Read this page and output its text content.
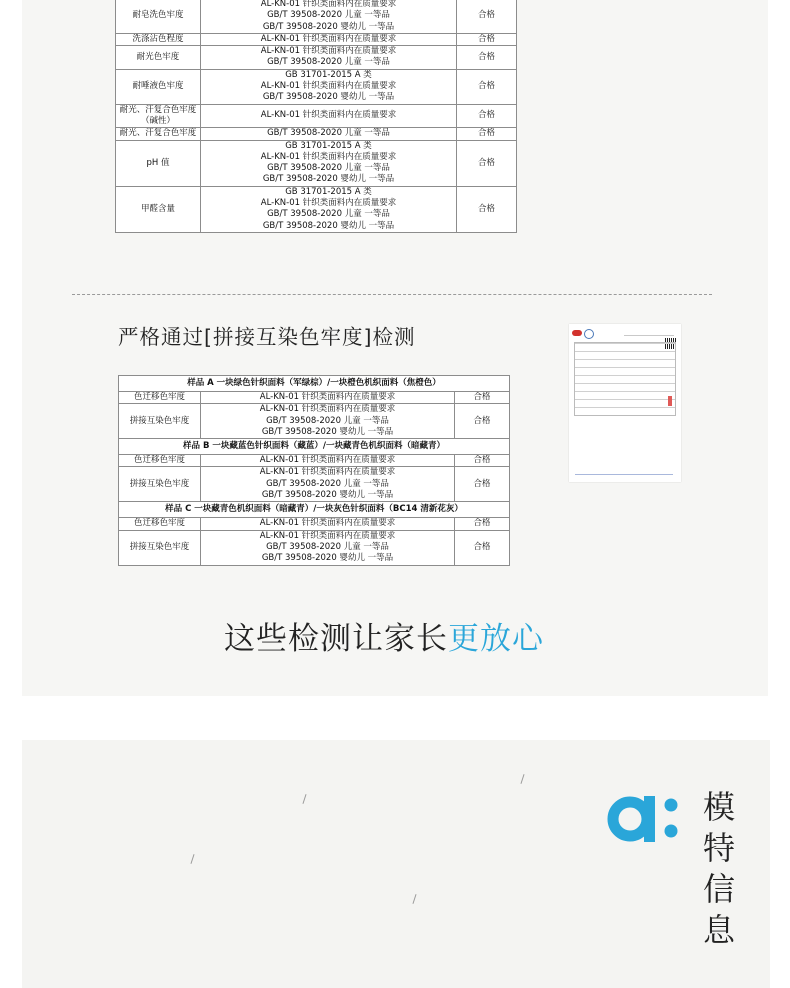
耐皂洗色牢度	AL-KN-01 针织类面料内在质量要求
GB/T 39508-2020 儿童 一等品
GB/T 39508-2020 婴幼儿 一等品	合格
洗涤沾色程度	AL-KN-01 针织类面料内在质量要求	合格
耐光色牢度	AL-KN-01 针织类面料内在质量要求
GB/T 39508-2020 儿童 一等品	合格
耐唾液色牢度	GB 31701-2015 A 类
AL-KN-01 针织类面料内在质量要求
GB/T 39508-2020 婴幼儿 一等品	合格
耐光、汗复合色牢度（碱性）	AL-KN-01 针织类面料内在质量要求	合格
耐光、汗复合色牢度	GB/T 39508-2020 儿童 一等品	合格
pH 值	GB 31701-2015 A 类
AL-KN-01 针织类面料内在质量要求
GB/T 39508-2020 儿童 一等品
GB/T 39508-2020 婴幼儿 一等品	合格
甲醛含量	GB 31701-2015 A 类
AL-KN-01 针织类面料内在质量要求
GB/T 39508-2020 儿童 一等品
GB/T 39508-2020 婴幼儿 一等品	合格
严格通过[拼接互染色牢度]检测
样品 A 一块绿色针织面料（军绿棕）/一块橙色机织面料（焦橙色）		
色迁移色牢度	AL-KN-01 针织类面料内在质量要求	合格
拼接互染色牢度	AL-KN-01 针织类面料内在质量要求
GB/T 39508-2020 儿童 一等品
GB/T 39508-2020 婴幼儿 一等品	合格
样品 B 一块藏蓝色针织面料（藏蓝）/一块藏青色机织面料（暗藏青）		
色迁移色牢度	AL-KN-01 针织类面料内在质量要求	合格
拼接互染色牢度	AL-KN-01 针织类面料内在质量要求
GB/T 39508-2020 儿童 一等品
GB/T 39508-2020 婴幼儿 一等品	合格
样品 C 一块藏青色机织面料（暗藏青）/一块灰色针织面料（BC14 清新花灰）		
色迁移色牢度	AL-KN-01 针织类面料内在质量要求	合格
拼接互染色牢度	AL-KN-01 针织类面料内在质量要求
GB/T 39508-2020 儿童 一等品
GB/T 39508-2020 婴幼儿 一等品	合格
这些检测让家长更放心
模
特
信
息
